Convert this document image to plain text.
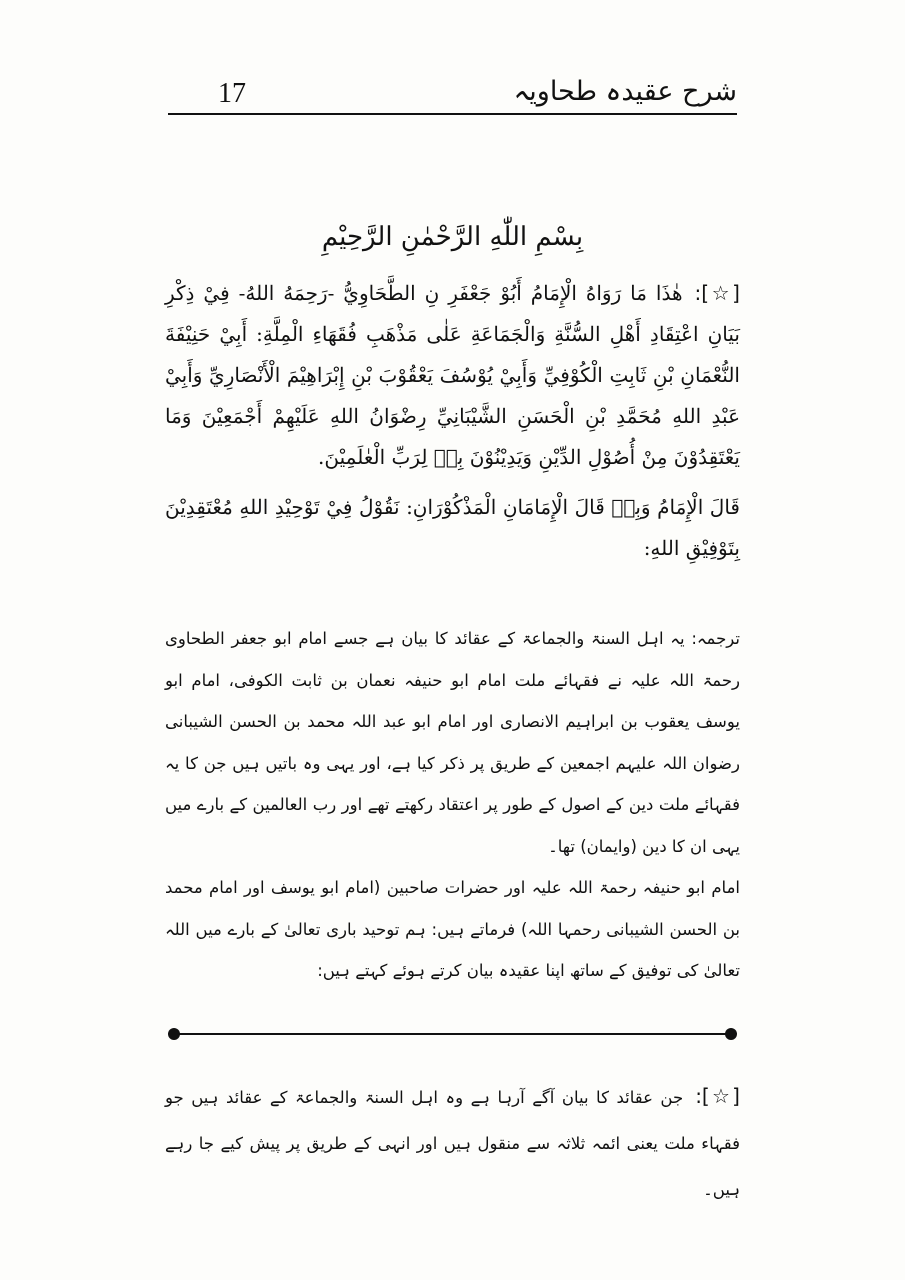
17	شرح عقیدہ طحاویہ
بِسْمِ اللّٰهِ الرَّحْمٰنِ الرَّحِیْمِ

[☆]:هٰذَا مَا رَوَاهُ الْإِمَامُ أَبُوْ جَعْفَرِ نِ الطَّحَاوِيُّ -رَحِمَهُ اللهُ- فِيْ ذِكْرِ بَيَانِ اعْتِقَادِ أَهْلِ السُّنَّةِ وَالْجَمَاعَةِ عَلٰى مَذْهَبِ فُقَهَاءِ الْمِلَّةِ: أَبِيْ حَنِيْفَةَ النُّعْمَانِ بْنِ ثَابِتِ الْكُوْفِيِّ وَأَبِيْ يُوْسُفَ يَعْقُوْبَ بْنِ إِبْرَاهِيْمَ الْأَنْصَارِيِّ وَأَبِيْ عَبْدِ اللهِ مُحَمَّدِ بْنِ الْحَسَنِ الشَّيْبَانِيِّ رِضْوَانُ اللهِ عَلَيْهِمْ أَجْمَعِيْنَ وَمَا يَعْتَقِدُوْنَ مِنْ أُصُوْلِ الدِّيْنِ وَيَدِيْنُوْنَ بِهٖ لِرَبِّ الْعٰلَمِيْنَ.

قَالَ الْإِمَامُ وَبِهٖ قَالَ الْإِمَامَانِ الْمَذْكُوْرَانِ: نَقُوْلُ فِيْ تَوْحِيْدِ اللهِ مُعْتَقِدِيْنَ بِتَوْفِيْقِ اللهِ:

ترجمہ: یہ اہل السنۃ والجماعۃ کے عقائد کا بیان ہے جسے امام ابو جعفر الطحاوی رحمۃ اللہ علیہ نے فقہائے ملت امام ابو حنیفہ نعمان بن ثابت الکوفی، امام ابو یوسف یعقوب بن ابراہیم الانصاری اور امام ابو عبد اللہ محمد بن الحسن الشیبانی رضوان اللہ علیہم اجمعین کے طریق پر ذکر کیا ہے، اور یہی وہ باتیں ہیں جن کا یہ فقہائے ملت دین کے اصول کے طور پر اعتقاد رکھتے تھے اور رب العالمین کے بارے میں یہی ان کا دین (وایمان) تھا۔

امام ابو حنیفہ رحمۃ اللہ علیہ اور حضرات صاحبین (امام ابو یوسف اور امام محمد بن الحسن الشیبانی رحمہا اللہ) فرماتے ہیں: ہم توحید باری تعالیٰ کے بارے میں اللہ تعالیٰ کی توفیق کے ساتھ اپنا عقیدہ بیان کرتے ہوئے کہتے ہیں:

[☆]:جن عقائد کا بیان آگے آرہا ہے وہ اہل السنۃ والجماعۃ کے عقائد ہیں جو فقہاء ملت یعنی ائمہ ثلاثہ سے منقول ہیں اور انہی کے طریق پر پیش کیے جا رہے ہیں۔
